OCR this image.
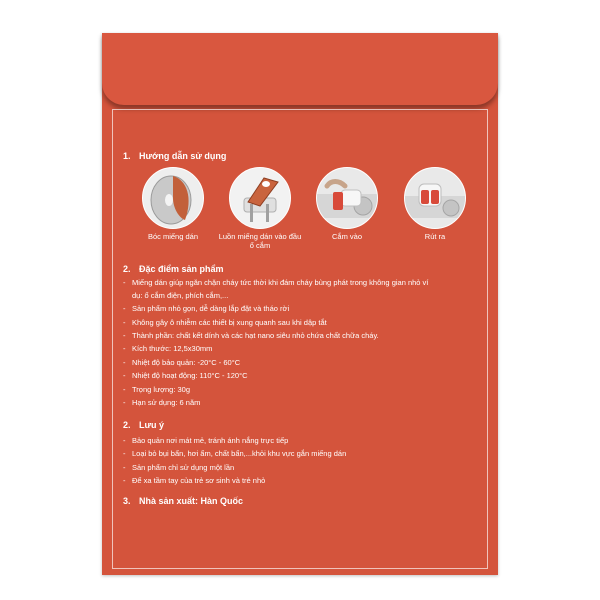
1. Hướng dẫn sử dụng
Bóc miếng dán	Luồn miếng dán vào đầu ổ cắm
Cắm vào	Rút ra
2. Đặc điểm sản phẩm
- Miếng dán giúp ngăn chặn cháy tức thời khi đám cháy bùng phát trong không gian nhỏ ví dụ: ổ cắm điện, phích cắm,...
- Sản phẩm nhỏ gọn, dễ dàng lắp đặt và tháo rời
- Không gây ô nhiễm các thiết bị xung quanh sau khi dập tắt
- Thành phần: chất kết dính và các hạt nano siêu nhỏ chứa chất chữa cháy.
- Kích thước: 12,5x30mm
- Nhiệt độ bảo quản: -20°C - 60°C
- Nhiệt độ hoạt động: 110°C - 120°C
- Trọng lượng: 30g
- Hạn sử dụng: 6 năm
2. Lưu ý
- Bảo quản nơi mát mẻ, tránh ánh nắng trực tiếp
- Loại bỏ bụi bẩn, hơi ẩm, chất bẩn,...khỏi khu vực gắn miếng dán
- Sản phẩm chỉ sử dụng một lần
- Để xa tầm tay của trẻ sơ sinh và trẻ nhỏ
3. Nhà sản xuất: Hàn Quốc
